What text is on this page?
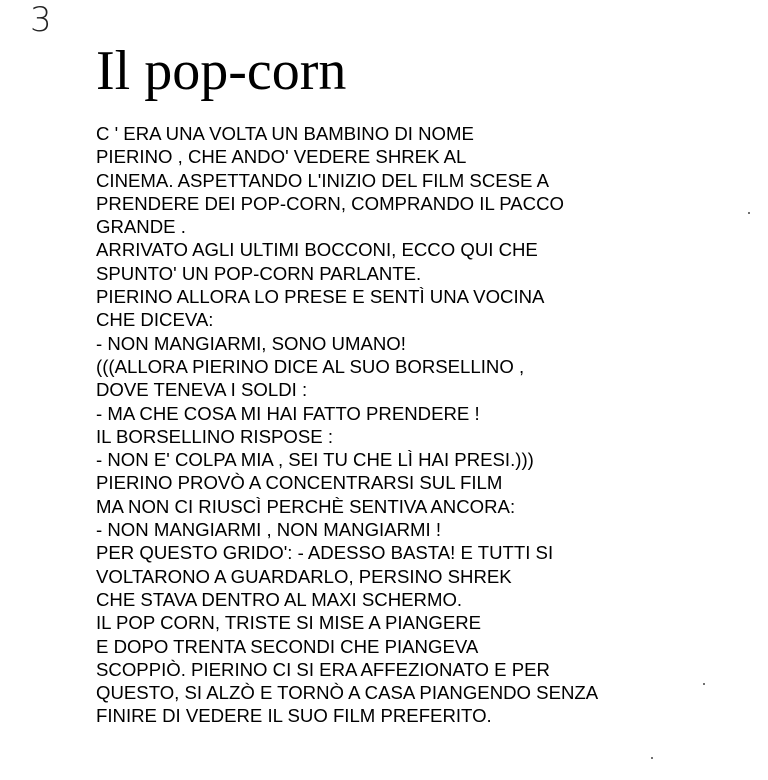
3
Il pop-corn
C ' ERA UNA VOLTA UN BAMBINO DI NOME
PIERINO , CHE ANDO' VEDERE SHREK AL
CINEMA. ASPETTANDO L'INIZIO DEL FILM SCESE A
PRENDERE DEI POP-CORN, COMPRANDO IL PACCO
GRANDE .
ARRIVATO AGLI ULTIMI BOCCONI, ECCO QUI CHE
SPUNTO' UN POP-CORN PARLANTE.
PIERINO ALLORA LO PRESE E SENTÌ UNA VOCINA
CHE DICEVA:
- NON MANGIARMI, SONO UMANO!
(((ALLORA PIERINO DICE AL SUO BORSELLINO ,
DOVE TENEVA I SOLDI :
- MA CHE COSA MI HAI FATTO PRENDERE !
IL BORSELLINO RISPOSE :
- NON E' COLPA MIA , SEI TU CHE LÌ HAI PRESI.)))
PIERINO PROVÒ A CONCENTRARSI SUL FILM
MA NON CI RIUSCÌ PERCHÈ SENTIVA ANCORA:
- NON MANGIARMI , NON MANGIARMI !
PER QUESTO GRIDO': - ADESSO BASTA! E TUTTI SI
VOLTARONO A GUARDARLO, PERSINO SHREK
CHE STAVA DENTRO AL MAXI SCHERMO.
IL POP CORN, TRISTE SI MISE A PIANGERE
E DOPO TRENTA SECONDI CHE PIANGEVA
SCOPPIÒ. PIERINO CI SI ERA AFFEZIONATO E PER
QUESTO, SI ALZÒ E TORNÒ A CASA PIANGENDO SENZA
FINIRE DI VEDERE IL SUO FILM PREFERITO.
